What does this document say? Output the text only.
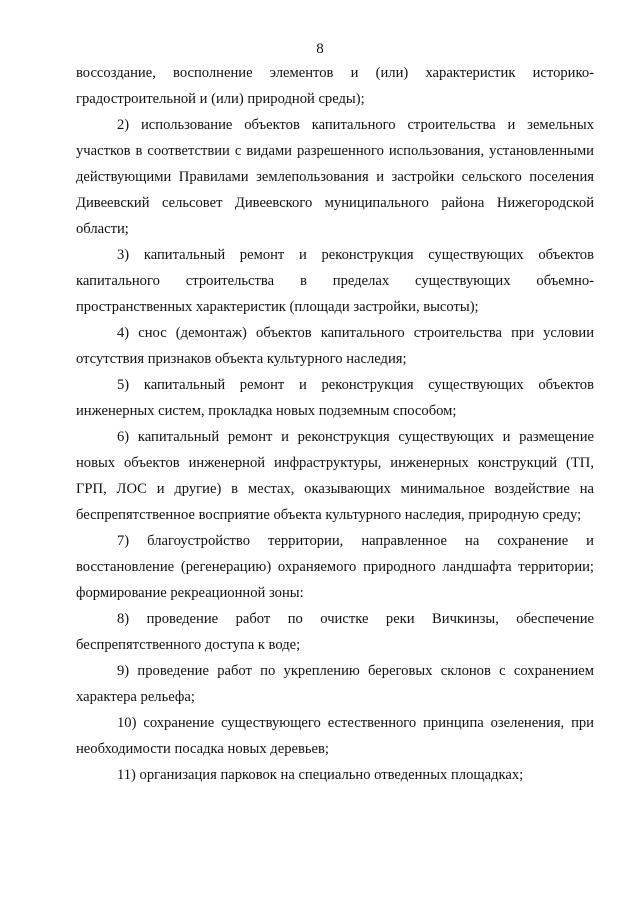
8

воссоздание, восполнение элементов и (или) характеристик историко-градостроительной и (или) природной среды);

2) использование объектов капитального строительства и земельных участков в соответствии с видами разрешенного использования, установленными действующими Правилами землепользования и застройки сельского поселения Дивеевский сельсовет Дивеевского муниципального района Нижегородской области;

3) капитальный ремонт и реконструкция существующих объектов капитального строительства в пределах существующих объемно-пространственных характеристик (площади застройки, высоты);

4) снос (демонтаж) объектов капитального строительства при условии отсутствия признаков объекта культурного наследия;

5) капитальный ремонт и реконструкция существующих объектов инженерных систем, прокладка новых подземным способом;

6) капитальный ремонт и реконструкция существующих и размещение новых объектов инженерной инфраструктуры, инженерных конструкций (ТП, ГРП, ЛОС и другие) в местах, оказывающих минимальное воздействие на беспрепятственное восприятие объекта культурного наследия, природную среду;

7) благоустройство территории, направленное на сохранение и восстановление (регенерацию) охраняемого природного ландшафта территории; формирование рекреационной зоны:

8) проведение работ по очистке реки Вичкинзы, обеспечение беспрепятственного доступа к воде;

9) проведение работ по укреплению береговых склонов с сохранением характера рельефа;

10) сохранение существующего естественного принципа озеленения, при необходимости посадка новых деревьев;

11) организация парковок на специально отведенных площадках;
